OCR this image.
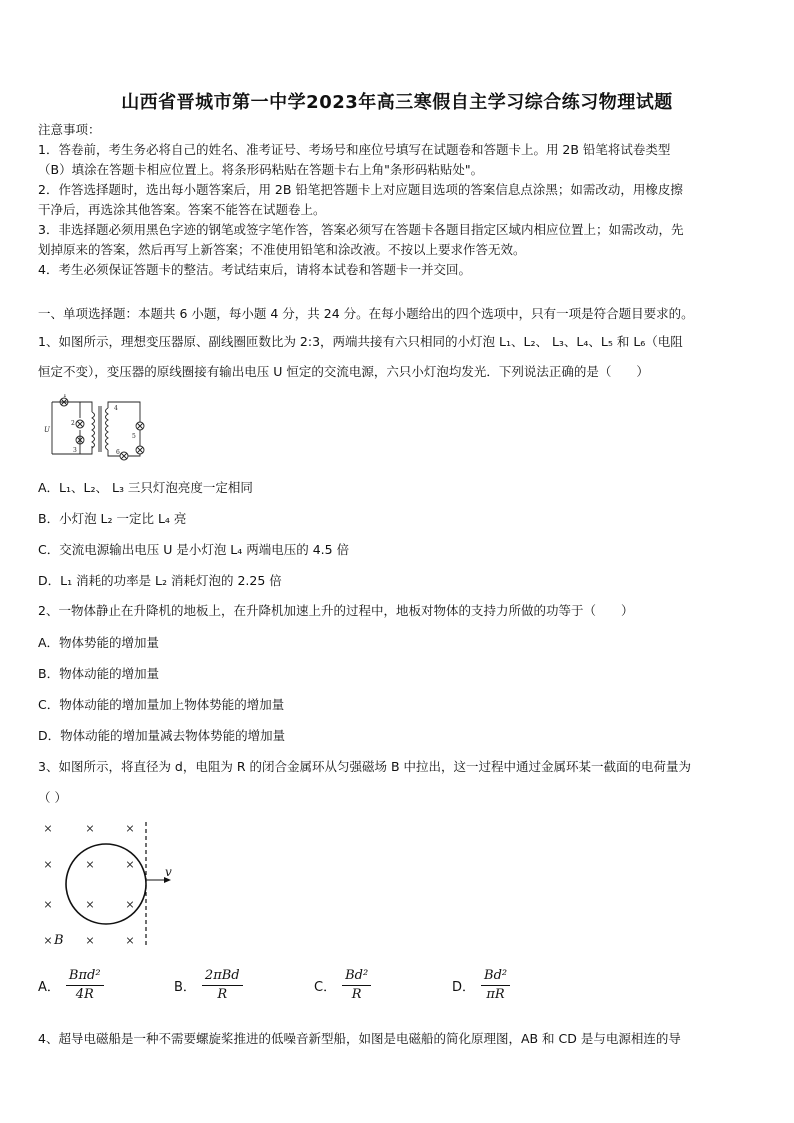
山西省晋城市第一中学2023年高三寒假自主学习综合练习物理试题
注意事项：
1．答卷前，考生务必将自己的姓名、准考证号、考场号和座位号填写在试题卷和答题卡上。用 2B 铅笔将试卷类型
（B）填涂在答题卡相应位置上。将条形码粘贴在答题卡右上角"条形码粘贴处"。
2．作答选择题时，选出每小题答案后，用 2B 铅笔把答题卡上对应题目选项的答案信息点涂黑；如需改动，用橡皮擦
干净后，再选涂其他答案。答案不能答在试题卷上。
3．非选择题必须用黑色字迹的钢笔或签字笔作答，答案必须写在答题卡各题目指定区域内相应位置上；如需改动，先
划掉原来的答案，然后再写上新答案；不准使用铅笔和涂改液。不按以上要求作答无效。
4．考生必须保证答题卡的整洁。考试结束后，请将本试卷和答题卡一并交回。
一、单项选择题：本题共 6 小题，每小题 4 分，共 24 分。在每小题给出的四个选项中，只有一项是符合题目要求的。
1、如图所示，理想变压器原、副线圈匝数比为 2:3，两端共接有六只相同的小灯泡 L₁、L₂、 L₃、L₄、L₅ 和 L₆（电阻
恒定不变），变压器的原线圈接有输出电压 U 恒定的交流电源，六只小灯泡均发光．下列说法正确的是（　　）
1
2
3
4
5
6
U
A．L₁、L₂、 L₃ 三只灯泡亮度一定相同
B．小灯泡 L₂ 一定比 L₄ 亮
C．交流电源输出电压 U 是小灯泡 L₄ 两端电压的 4.5 倍
D．L₁ 消耗的功率是 L₂ 消耗灯泡的 2.25 倍
2、一物体静止在升降机的地板上，在升降机加速上升的过程中，地板对物体的支持力所做的功等于（　　）
A．物体势能的增加量
B．物体动能的增加量
C．物体动能的增加量加上物体势能的增加量
D．物体动能的增加量减去物体势能的增加量
3、如图所示，将直径为 d，电阻为 R 的闭合金属环从匀强磁场 B 中拉出，这一过程中通过金属环某一截面的电荷量为
（ ）
×	×	×
×	×	×
×	×	×
×	×	×
v
B
A． $\frac{\text{Bπd²}}{4R}$	B． $\frac{\text{2πBd}}{R}$	C． $\frac{\text{Bd²}}{R}$	D． $\frac{\text{Bd²}}{\pi R}$
4、超导电磁船是一种不需要螺旋桨推进的低噪音新型船，如图是电磁船的简化原理图，AB 和 CD 是与电源相连的导
